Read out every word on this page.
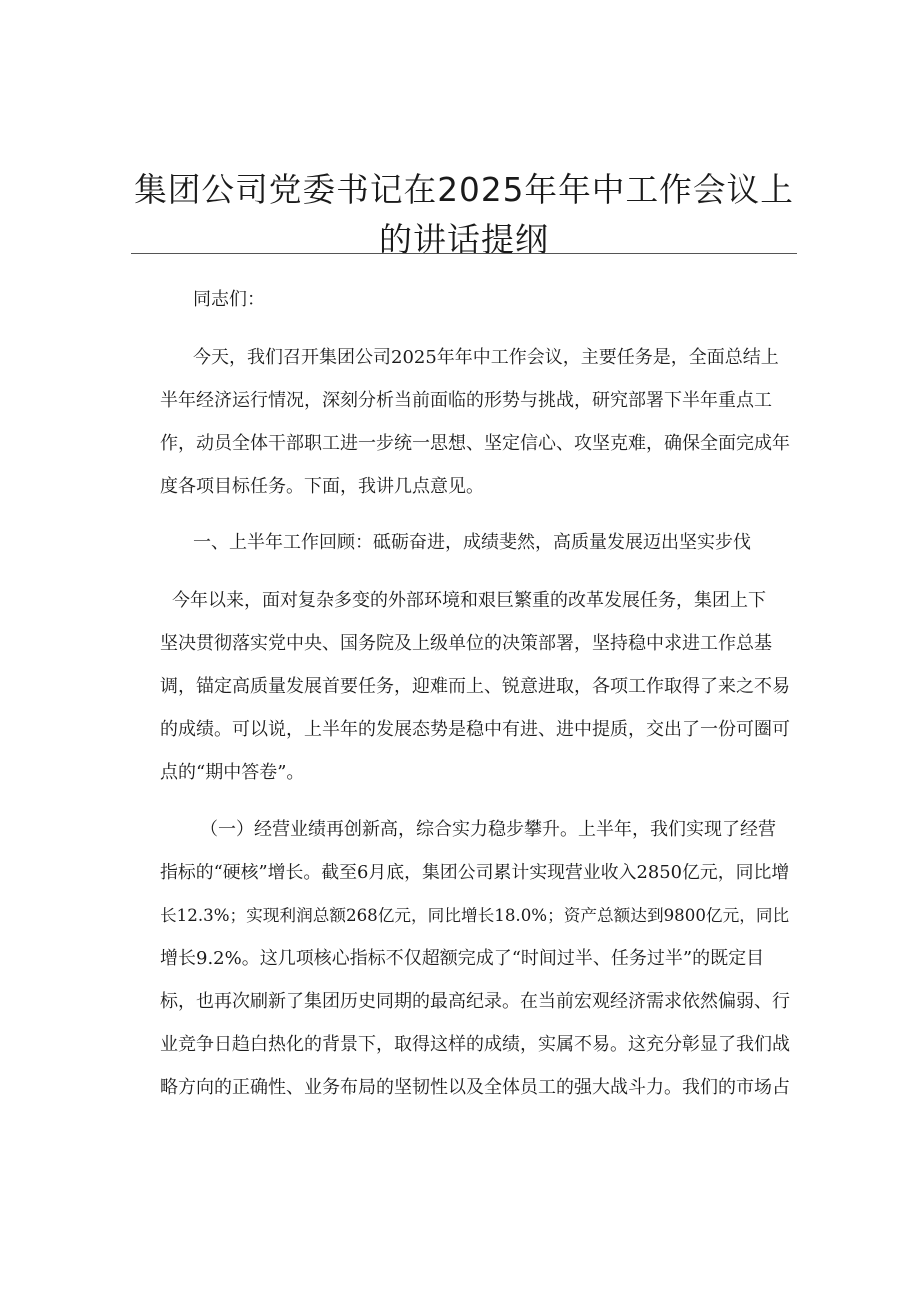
集团公司党委书记在2025年年中工作会议上
的讲话提纲
同志们：
今天，我们召开集团公司2025年年中工作会议，主要任务是，全面总结上
半年经济运行情况，深刻分析当前面临的形势与挑战，研究部署下半年重点工
作，动员全体干部职工进一步统一思想、坚定信心、攻坚克难，确保全面完成年
度各项目标任务。下面，我讲几点意见。
一、上半年工作回顾：砥砺奋进，成绩斐然，高质量发展迈出坚实步伐
今年以来，面对复杂多变的外部环境和艰巨繁重的改革发展任务，集团上下
坚决贯彻落实党中央、国务院及上级单位的决策部署，坚持稳中求进工作总基
调，锚定高质量发展首要任务，迎难而上、锐意进取，各项工作取得了来之不易
的成绩。可以说，上半年的发展态势是稳中有进、进中提质，交出了一份可圈可
点的“期中答卷”。
（一）经营业绩再创新高，综合实力稳步攀升。上半年，我们实现了经营
指标的“硬核”增长。截至6月底，集团公司累计实现营业收入2850亿元，同比增
长12.3%；实现利润总额268亿元，同比增长18.0%；资产总额达到9800亿元，同比
增长9.2%。这几项核心指标不仅超额完成了“时间过半、任务过半”的既定目
标，也再次刷新了集团历史同期的最高纪录。在当前宏观经济需求依然偏弱、行
业竞争日趋白热化的背景下，取得这样的成绩，实属不易。这充分彰显了我们战
略方向的正确性、业务布局的坚韧性以及全体员工的强大战斗力。我们的市场占
